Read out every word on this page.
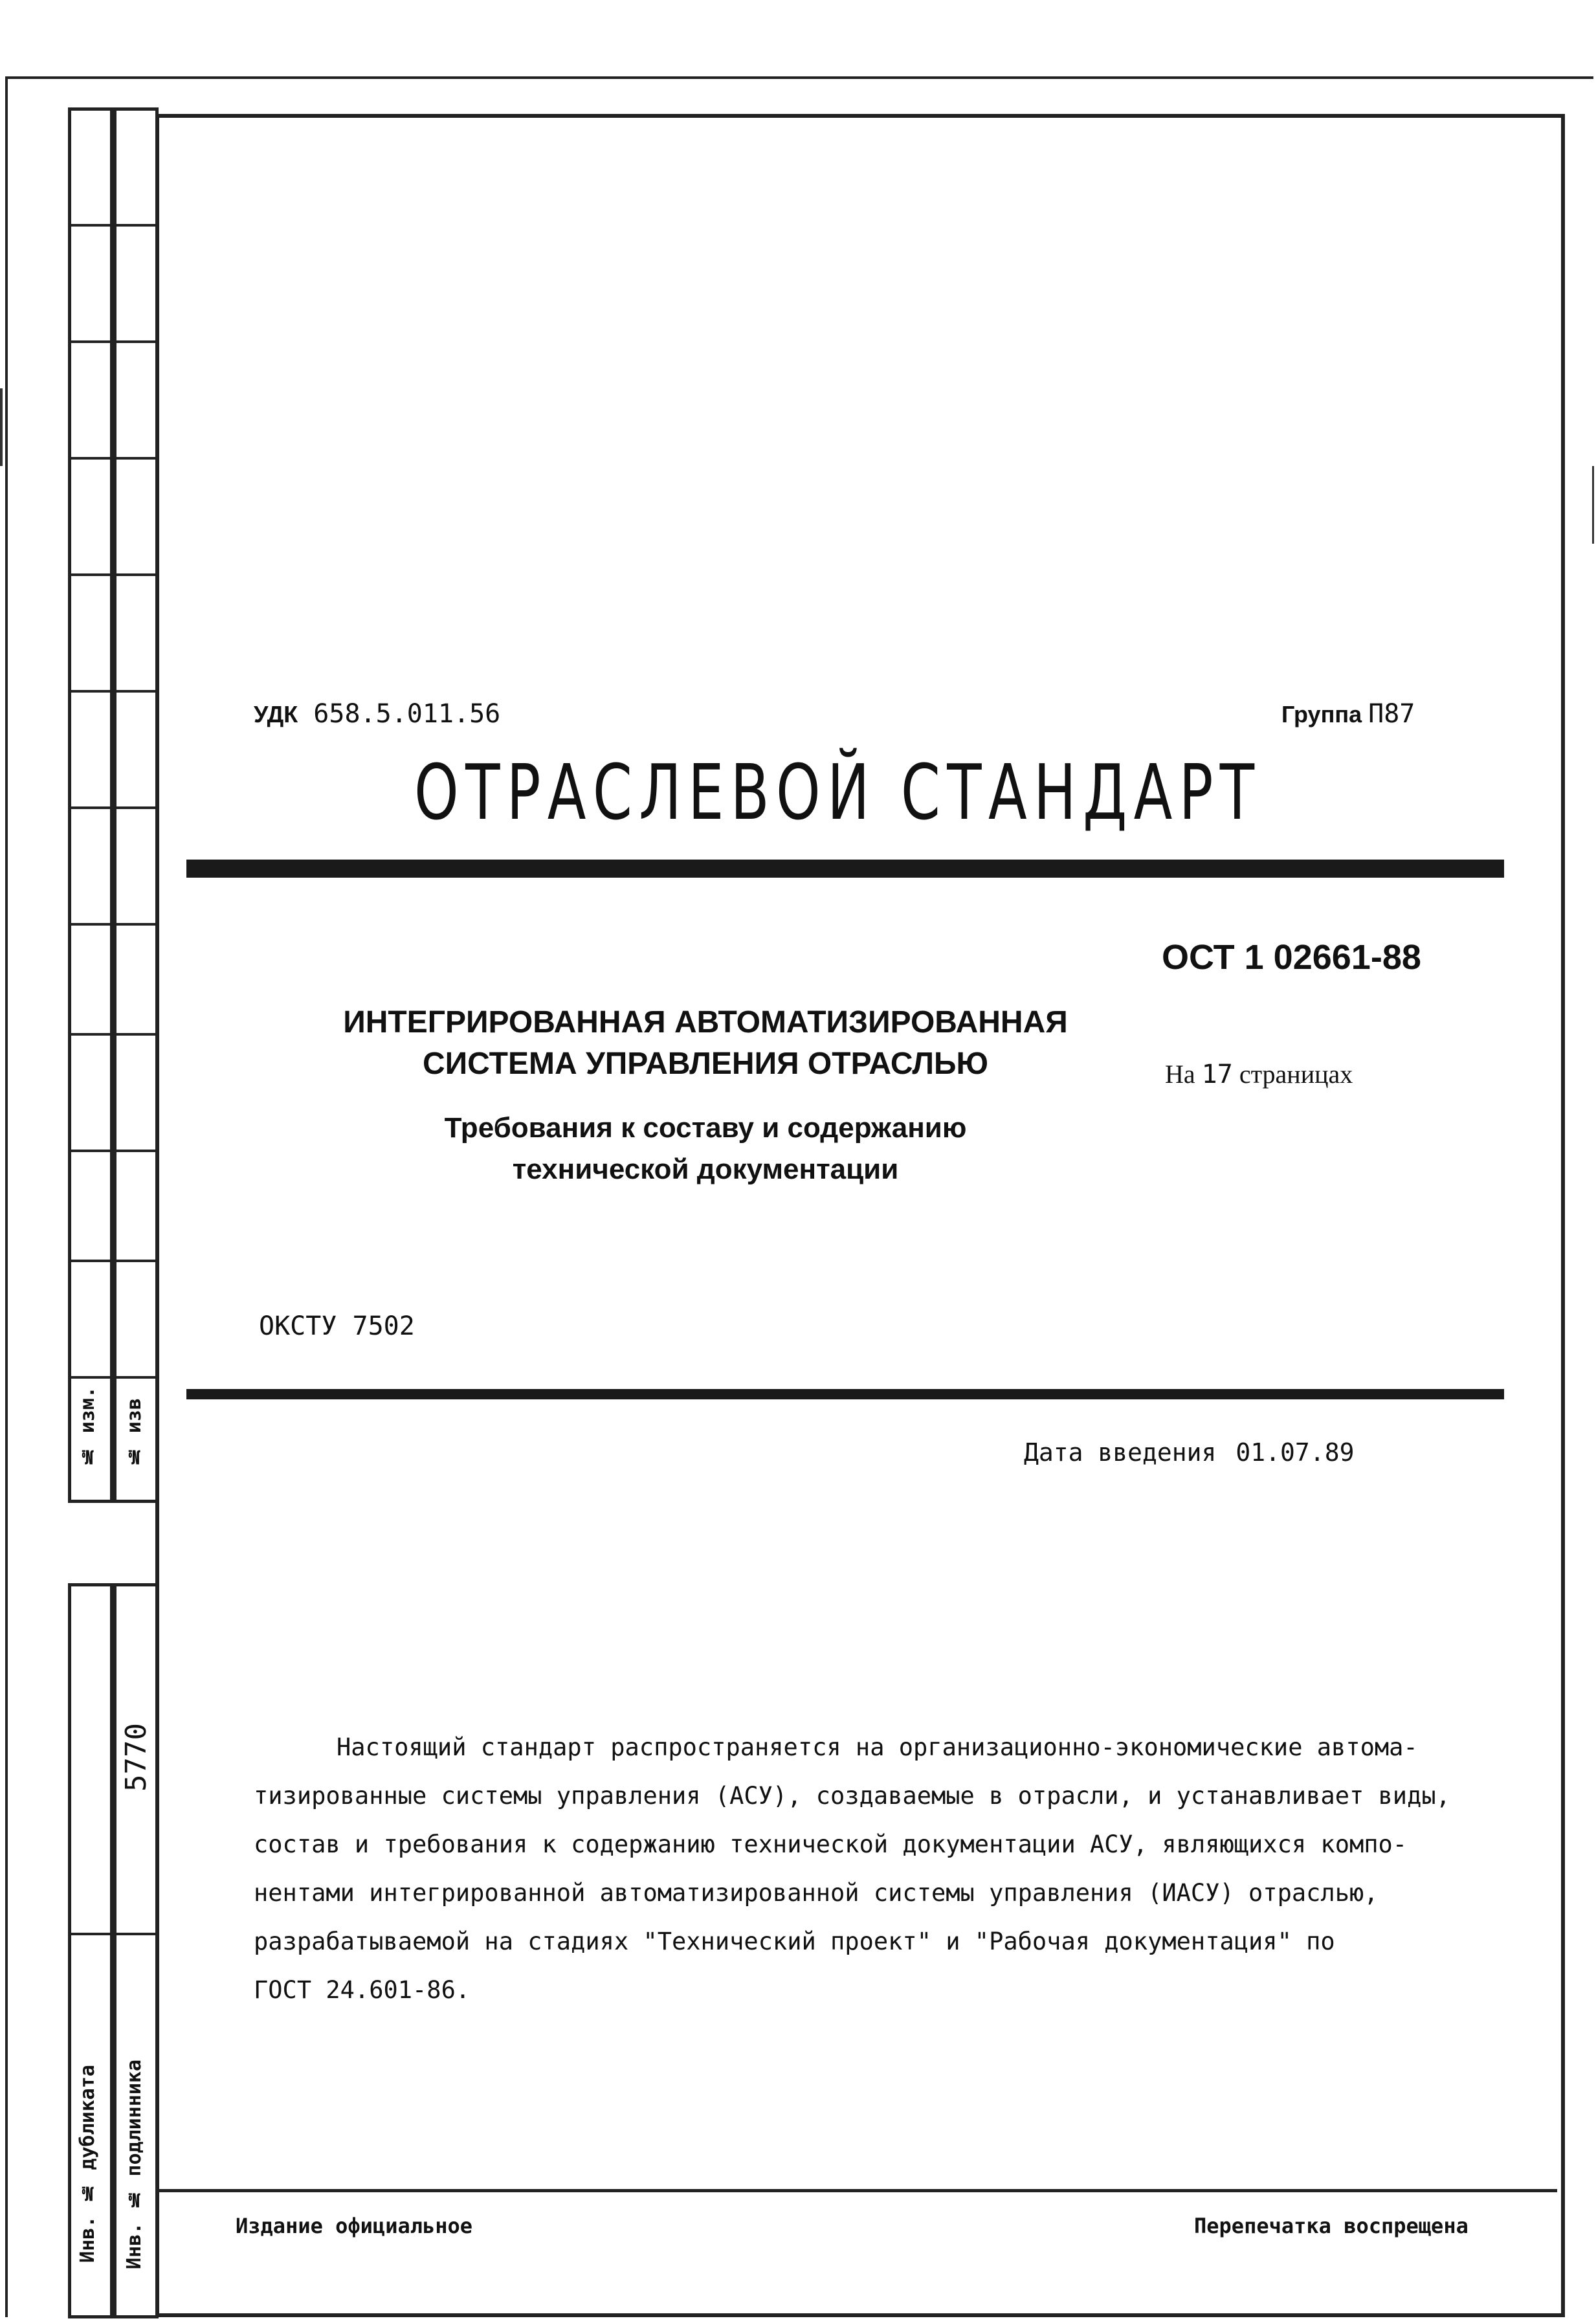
№ изм. № изв
5770
Инв. № дубликата Инв. № подлинника
УДК 658.5.011.56	Группа П87
ОТРАСЛЕВОЙ СТАНДАРТ
ОСТ 1 02661-88
ИНТЕГРИРОВАННАЯ АВТОМАТИЗИРОВАННАЯ
СИСТЕМА УПРАВЛЕНИЯ ОТРАСЛЬЮ
Требования к составу и содержанию
технической документации
На 17 страницах
ОКСТУ 7502
Дата введения 01.07.89

Настоящий стандарт распространяется на организационно-экономические автома-

тизированные системы управления (АСУ), создаваемые в отрасли, и устанавливает виды,

состав и требования к содержанию технической документации АСУ, являющихся компо-

нентами интегрированной автоматизированной системы управления (ИАСУ) отраслью,

разрабатываемой на стадиях "Технический проект" и "Рабочая документация" по

ГОСТ 24.601-86.

Издание официальное	Перепечатка воспрещена
